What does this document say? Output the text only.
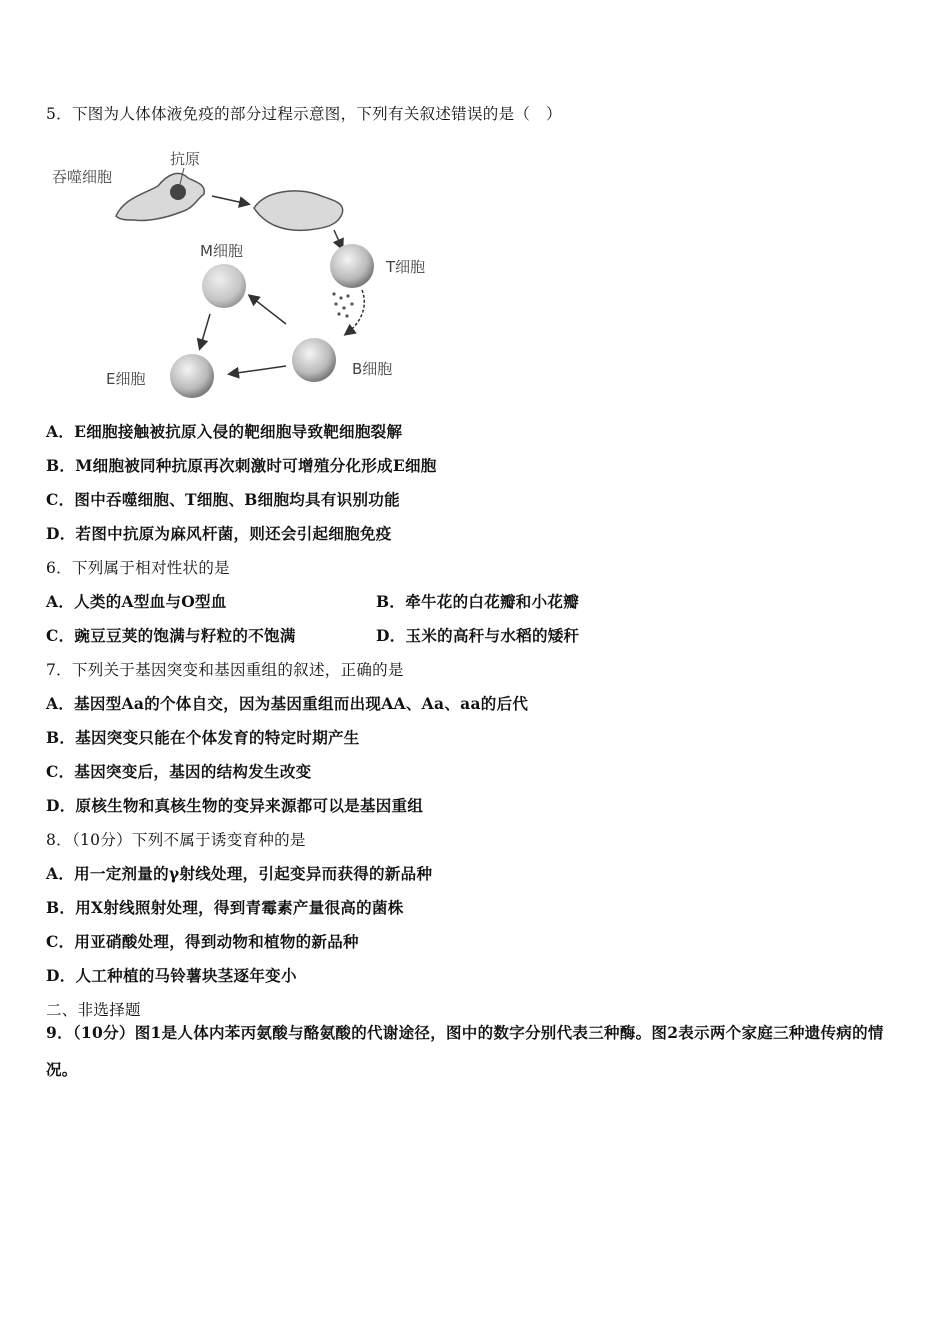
5．下图为人体体液免疫的部分过程示意图，下列有关叙述错误的是（　）
吞噬细胞
抗原
T细胞
M细胞
B细胞
E细胞
A．E细胞接触被抗原入侵的靶细胞导致靶细胞裂解
B．M细胞被同种抗原再次刺激时可增殖分化形成E细胞
C．图中吞噬细胞、T细胞、B细胞均具有识别功能
D．若图中抗原为麻风杆菌，则还会引起细胞免疫
6．下列属于相对性状的是
A．人类的A型血与O型血	B．牵牛花的白花瓣和小花瓣
C．豌豆豆荚的饱满与籽粒的不饱满	D．玉米的高秆与水稻的矮秆
7．下列关于基因突变和基因重组的叙述，正确的是
A．基因型Aa的个体自交，因为基因重组而出现AA、Aa、aa的后代
B．基因突变只能在个体发育的特定时期产生
C．基因突变后，基因的结构发生改变
D．原核生物和真核生物的变异来源都可以是基因重组
8．（10分）下列不属于诱变育种的是
A．用一定剂量的γ射线处理，引起变异而获得的新品种
B．用X射线照射处理，得到青霉素产量很高的菌株
C．用亚硝酸处理，得到动物和植物的新品种
D．人工种植的马铃薯块茎逐年变小
二、非选择题
9．（10分）图1是人体内苯丙氨酸与酪氨酸的代谢途径，图中的数字分别代表三种酶。图2表示两个家庭三种遗传病的情况。
